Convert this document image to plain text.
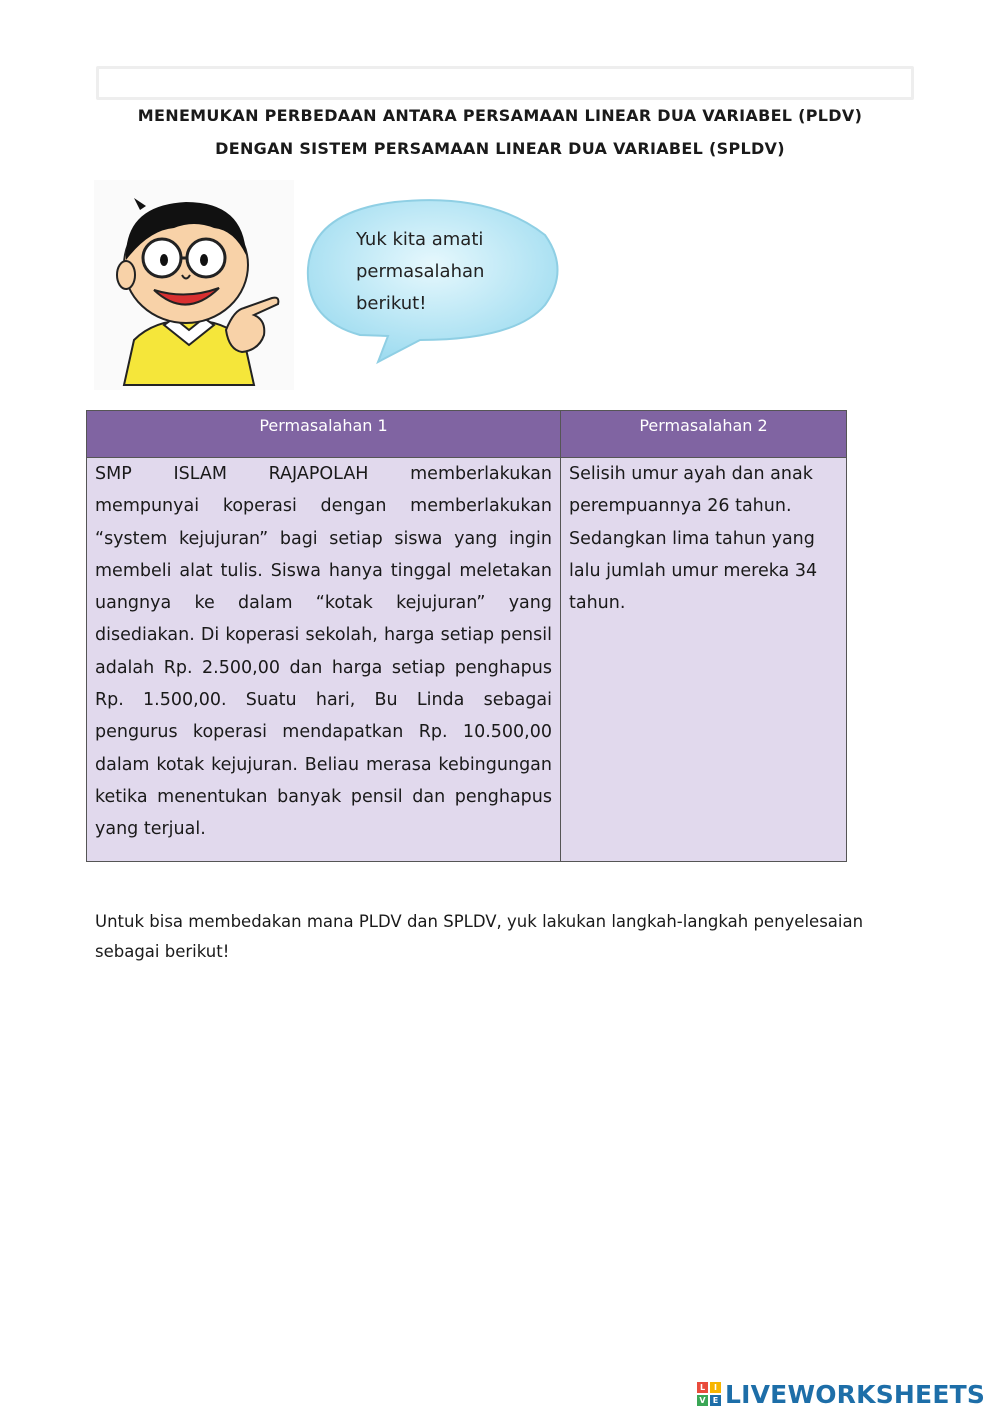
MENEMUKAN PERBEDAAN ANTARA PERSAMAAN LINEAR DUA VARIABEL (PLDV)
DENGAN SISTEM PERSAMAAN LINEAR DUA VARIABEL (SPLDV)
Yuk kita amati
permasalahan
berikut!
Permasalahan 1	Permasalahan 2
SMP ISLAM RAJAPOLAH memberlakukan mempunyai koperasi dengan memberlakukan “system kejujuran” bagi setiap siswa yang ingin membeli alat tulis. Siswa hanya tinggal meletakan uangnya ke dalam “kotak kejujuran” yang disediakan. Di koperasi sekolah, harga setiap pensil adalah Rp. 2.500,00 dan harga setiap penghapus Rp. 1.500,00. Suatu hari, Bu Linda sebagai pengurus koperasi mendapatkan Rp. 10.500,00 dalam kotak kejujuran. Beliau merasa kebingungan ketika menentukan banyak pensil dan penghapus yang terjual.	Selisih umur ayah dan anak perempuannya 26 tahun. Sedangkan lima tahun yang lalu jumlah umur mereka 34 tahun.
Untuk bisa membedakan mana PLDV dan SPLDV, yuk lakukan langkah-langkah penyelesaian sebagai berikut!
L	I
V E LIVEWORKSHEETS
